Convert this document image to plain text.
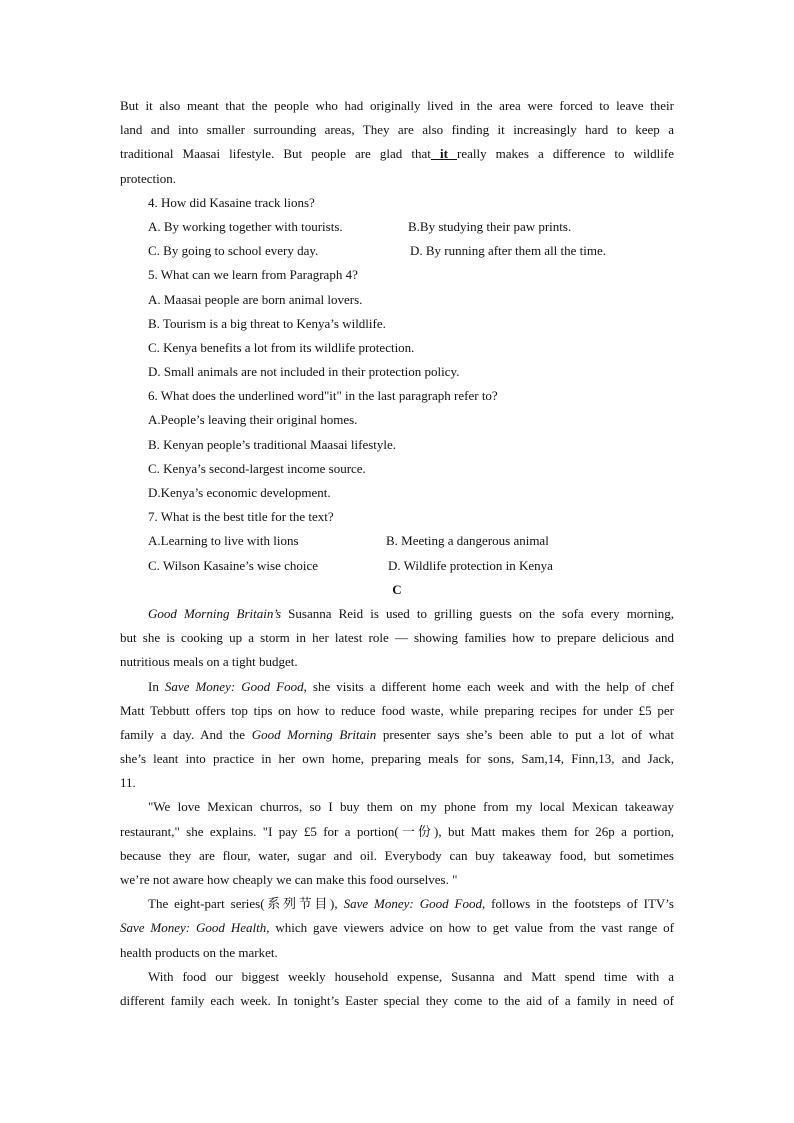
But it also meant that the people who had originally lived in the area were forced to leave their
land and into smaller surrounding areas, They are also finding it increasingly hard to keep a
traditional Maasai lifestyle. But people are glad that it really makes a difference to wildlife
protection.
4. How did Kasaine track lions?
A. By working together with tourists.	B.By studying their paw prints.
C. By going to school every day.	D. By running after them all the time.
5. What can we learn from Paragraph 4?
A. Maasai people are born animal lovers.
B. Tourism is a big threat to Kenya’s wildlife.
C. Kenya benefits a lot from its wildlife protection.
D. Small animals are not included in their protection policy.
6. What does the underlined word"it" in the last paragraph refer to?
A.People’s leaving their original homes.
B. Kenyan people’s traditional Maasai lifestyle.
C. Kenya’s second-largest income source.
D.Kenya’s economic development.
7. What is the best title for the text?
A.Learning to live with lions	B. Meeting a dangerous animal
C. Wilson Kasaine’s wise choice	D. Wildlife protection in Kenya
C
Good Morning Britain’s Susanna Reid is used to grilling guests on the sofa every morning,
but she is cooking up a storm in her latest role — showing families how to prepare delicious and
nutritious meals on a tight budget.
In Save Money: Good Food, she visits a different home each week and with the help of chef
Matt Tebbutt offers top tips on how to reduce food waste, while preparing recipes for under £5 per
family a day. And the Good Morning Britain presenter says she’s been able to put a lot of what
she’s leant into practice in her own home, preparing meals for sons, Sam,14, Finn,13, and Jack,
11.
"We love Mexican churros, so I buy them on my phone from my local Mexican takeaway
restaurant," she explains. "I pay £5 for a portion(一份), but Matt makes them for 26p a portion,
because they are flour, water, sugar and oil. Everybody can buy takeaway food, but sometimes
we’re not aware how cheaply we can make this food ourselves. "
The eight-part series(系列节目), Save Money: Good Food, follows in the footsteps of ITV’s
Save Money: Good Health, which gave viewers advice on how to get value from the vast range of
health products on the market.
With food our biggest weekly household expense, Susanna and Matt spend time with a
different family each week. In tonight’s Easter special they come to the aid of a family in need of
